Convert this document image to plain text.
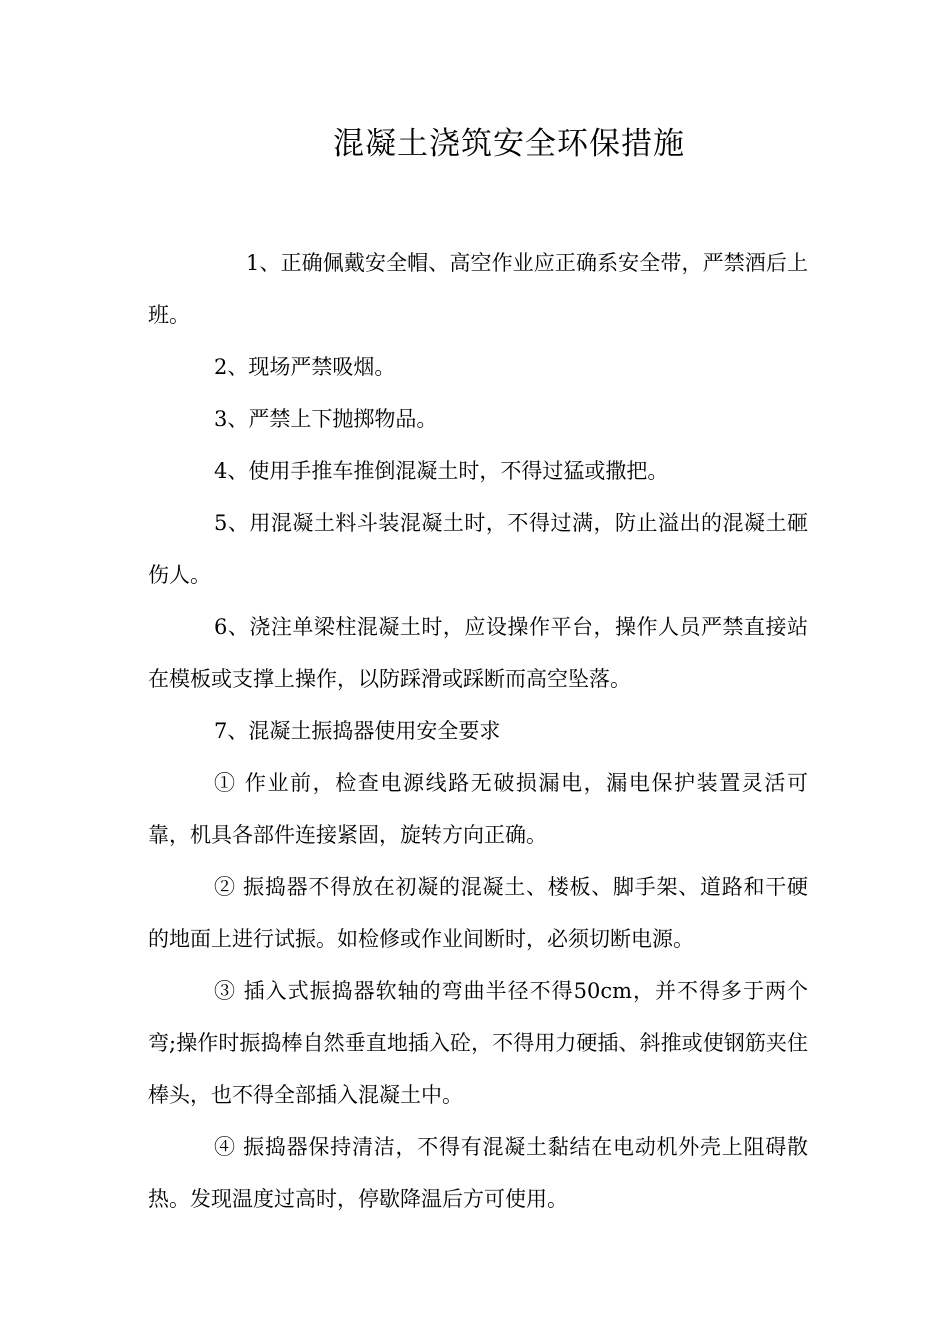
混凝土浇筑安全环保措施

1、正确佩戴安全帽、高空作业应正确系安全带，严禁酒后上班。

2、现场严禁吸烟。

3、严禁上下抛掷物品。

4、使用手推车推倒混凝土时，不得过猛或撒把。

5、用混凝土料斗装混凝土时，不得过满，防止溢出的混凝土砸伤人。

6、浇注单梁柱混凝土时，应设操作平台，操作人员严禁直接站在模板或支撑上操作，以防踩滑或踩断而高空坠落。

7、混凝土振捣器使用安全要求

① 作业前，检查电源线路无破损漏电，漏电保护装置灵活可靠，机具各部件连接紧固，旋转方向正确。

② 振捣器不得放在初凝的混凝土、楼板、脚手架、道路和干硬的地面上进行试振。如检修或作业间断时，必须切断电源。

③ 插入式振捣器软轴的弯曲半径不得50cm，并不得多于两个弯;操作时振捣棒自然垂直地插入砼，不得用力硬插、斜推或使钢筋夹住棒头，也不得全部插入混凝土中。

④ 振捣器保持清洁，不得有混凝土黏结在电动机外壳上阻碍散热。发现温度过高时，停歇降温后方可使用。
